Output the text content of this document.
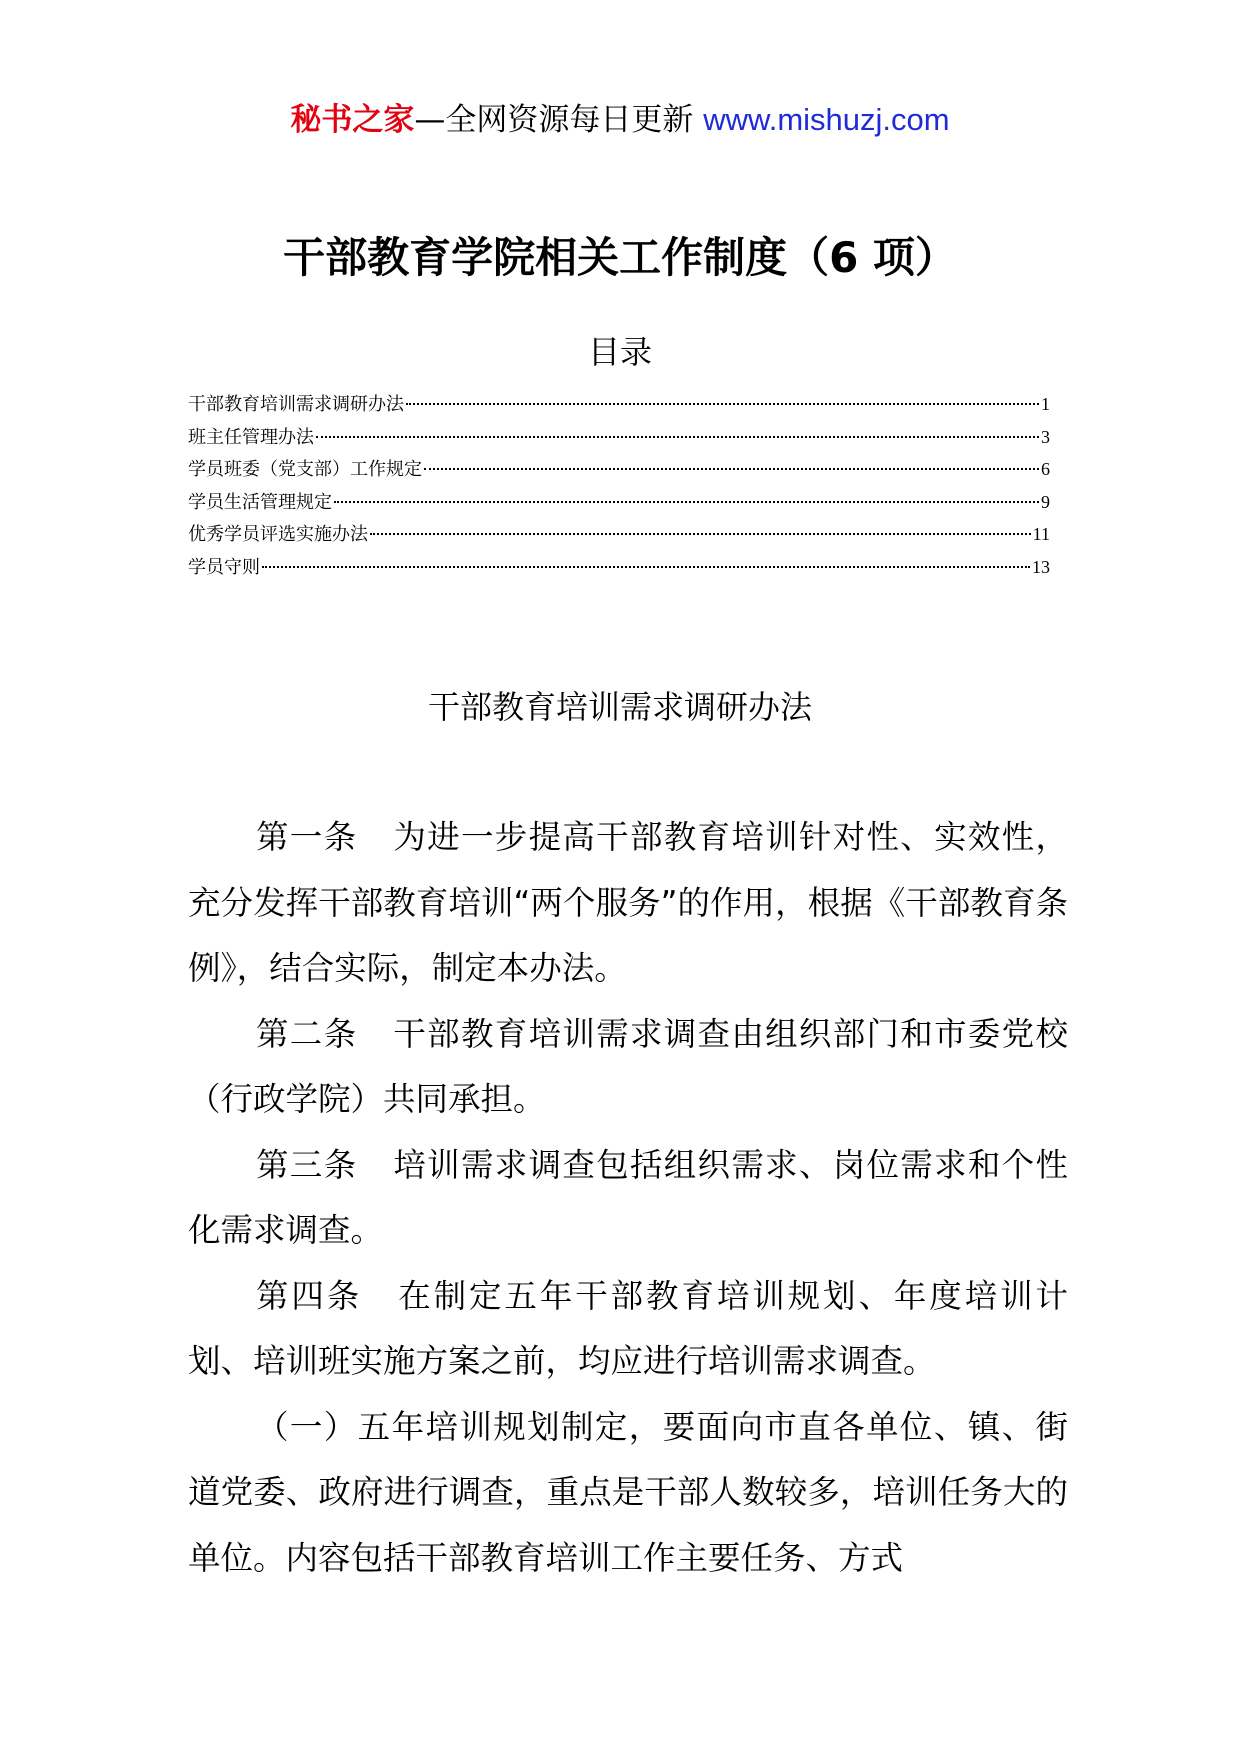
秘书之家—全网资源每日更新 www.mishuzj.com
干部教育学院相关工作制度（6 项）
目录
干部教育培训需求调研办法	1
班主任管理办法	3
学员班委（党支部）工作规定	6
学员生活管理规定	9
优秀学员评选实施办法	11
学员守则	13
干部教育培训需求调研办法

第一条 为进一步提高干部教育培训针对性、实效性，充分发挥干部教育培训“两个服务”的作用，根据《干部教育条例》，结合实际，制定本办法。

第二条 干部教育培训需求调查由组织部门和市委党校（行政学院）共同承担。

第三条 培训需求调查包括组织需求、岗位需求和个性化需求调查。

第四条 在制定五年干部教育培训规划、年度培训计划、培训班实施方案之前，均应进行培训需求调查。

（一）五年培训规划制定，要面向市直各单位、镇、街道党委、政府进行调查，重点是干部人数较多，培训任务大的单位。内容包括干部教育培训工作主要任务、方式
